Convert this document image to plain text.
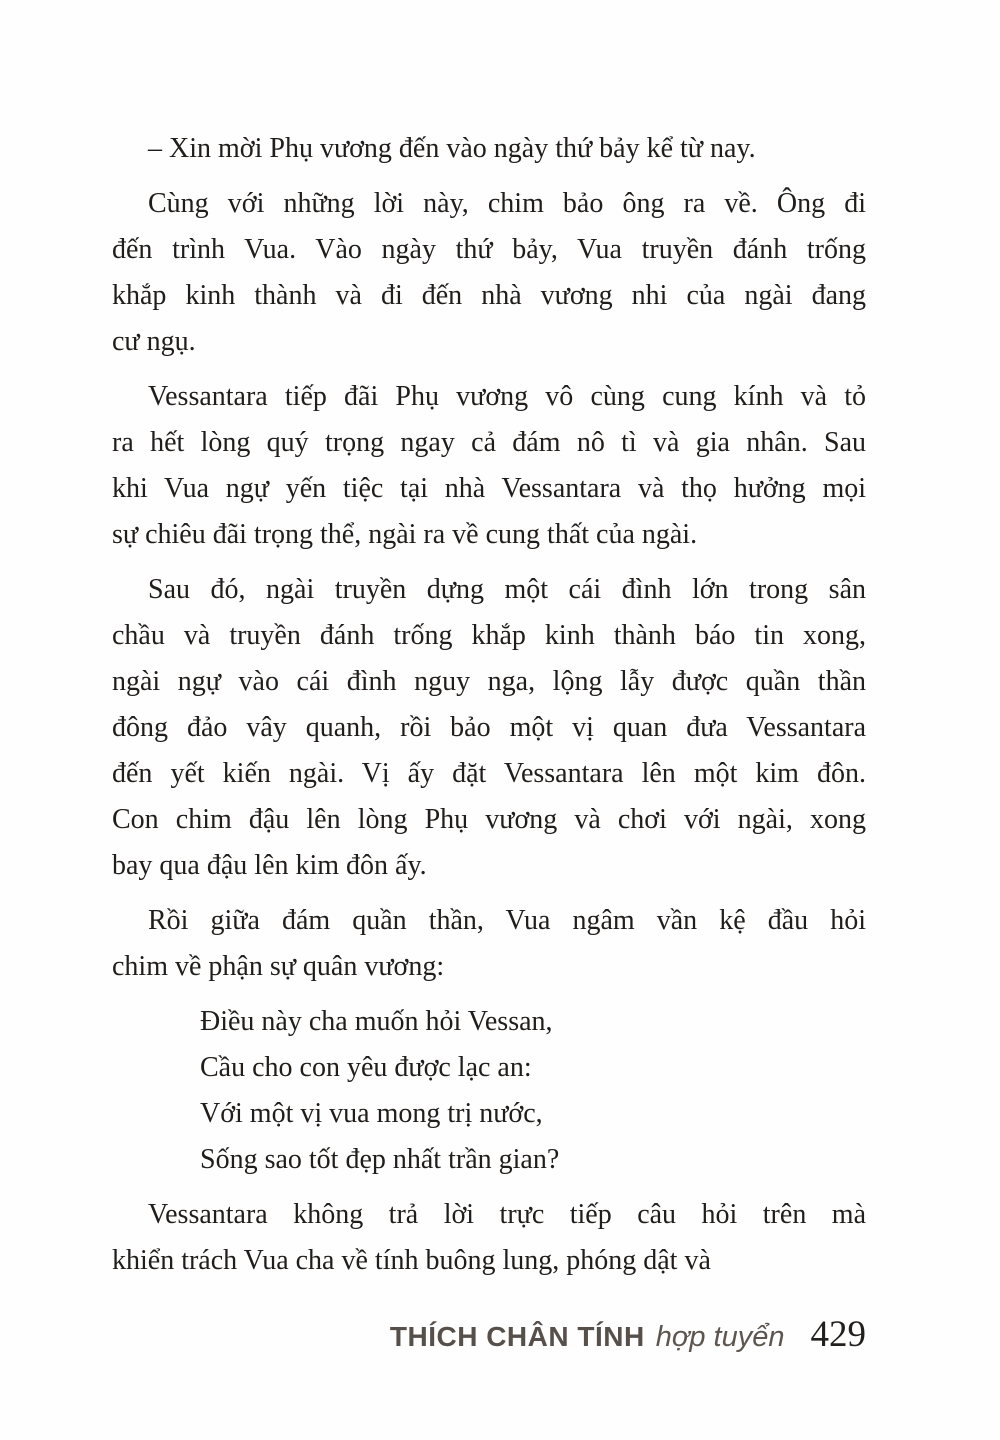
– Xin mời Phụ vương đến vào ngày thứ bảy kể từ nay.
Cùng với những lời này, chim bảo ông ra về. Ông đi
đến trình Vua. Vào ngày thứ bảy, Vua truyền đánh trống
khắp kinh thành và đi đến nhà vương nhi của ngài đang
cư ngụ.
Vessantara tiếp đãi Phụ vương vô cùng cung kính và tỏ
ra hết lòng quý trọng ngay cả đám nô tì và gia nhân. Sau
khi Vua ngự yến tiệc tại nhà Vessantara và thọ hưởng mọi
sự chiêu đãi trọng thể, ngài ra về cung thất của ngài.
Sau đó, ngài truyền dựng một cái đình lớn trong sân
chầu và truyền đánh trống khắp kinh thành báo tin xong,
ngài ngự vào cái đình nguy nga, lộng lẫy được quần thần
đông đảo vây quanh, rồi bảo một vị quan đưa Vessantara
đến yết kiến ngài. Vị ấy đặt Vessantara lên một kim đôn.
Con chim đậu lên lòng Phụ vương và chơi với ngài, xong
bay qua đậu lên kim đôn ấy.
Rồi giữa đám quần thần, Vua ngâm vần kệ đầu hỏi
chim về phận sự quân vương:
Điều này cha muốn hỏi Vessan,
Cầu cho con yêu được lạc an:
Với một vị vua mong trị nước,
Sống sao tốt đẹp nhất trần gian?
Vessantara không trả lời trực tiếp câu hỏi trên mà
khiển trách Vua cha về tính buông lung, phóng dật và
THÍCH CHÂN TÍNH hợp tuyển 429
